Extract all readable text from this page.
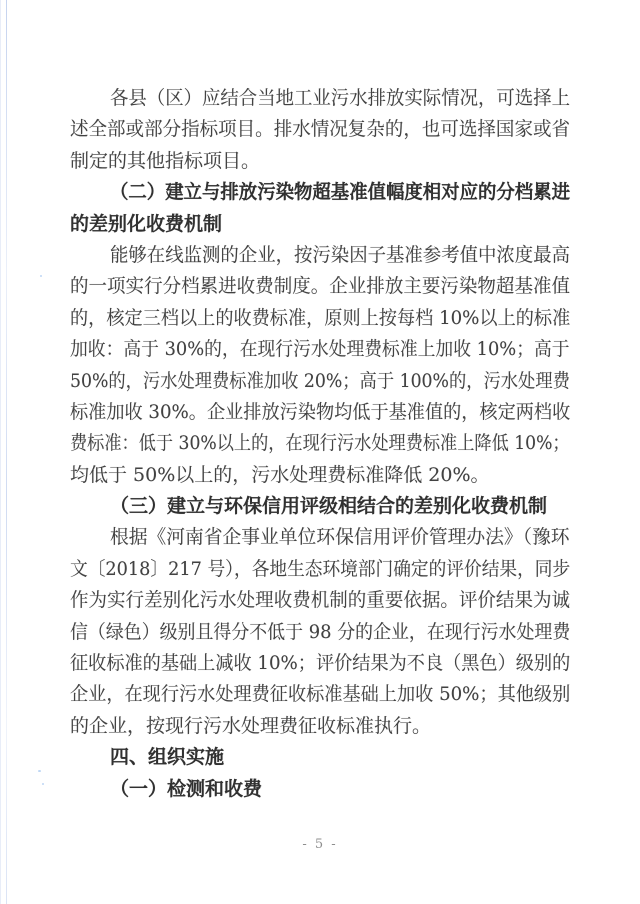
各县（区）应结合当地工业污水排放实际情况，可选择上
述全部或部分指标项目。排水情况复杂的，也可选择国家或省
制定的其他指标项目。
（二）建立与排放污染物超基准值幅度相对应的分档累进
的差别化收费机制
能够在线监测的企业，按污染因子基准参考值中浓度最高
的一项实行分档累进收费制度。企业排放主要污染物超基准值
的，核定三档以上的收费标准，原则上按每档 10%以上的标准
加收：高于 30%的，在现行污水处理费标准上加收 10%；高于
50%的，污水处理费标准加收 20%；高于 100%的，污水处理费
标准加收 30%。企业排放污染物均低于基准值的，核定两档收
费标准：低于 30%以上的，在现行污水处理费标准上降低 10%；
均低于 50%以上的，污水处理费标准降低 20%。
（三）建立与环保信用评级相结合的差别化收费机制
根据《河南省企事业单位环保信用评价管理办法》（豫环
文〔2018〕217 号），各地生态环境部门确定的评价结果，同步
作为实行差别化污水处理收费机制的重要依据。评价结果为诚
信（绿色）级别且得分不低于 98 分的企业，在现行污水处理费
征收标准的基础上减收 10%；评价结果为不良（黑色）级别的
企业，在现行污水处理费征收标准基础上加收 50%；其他级别
的企业，按现行污水处理费征收标准执行。
四、组织实施
（一）检测和收费
- 5 -
